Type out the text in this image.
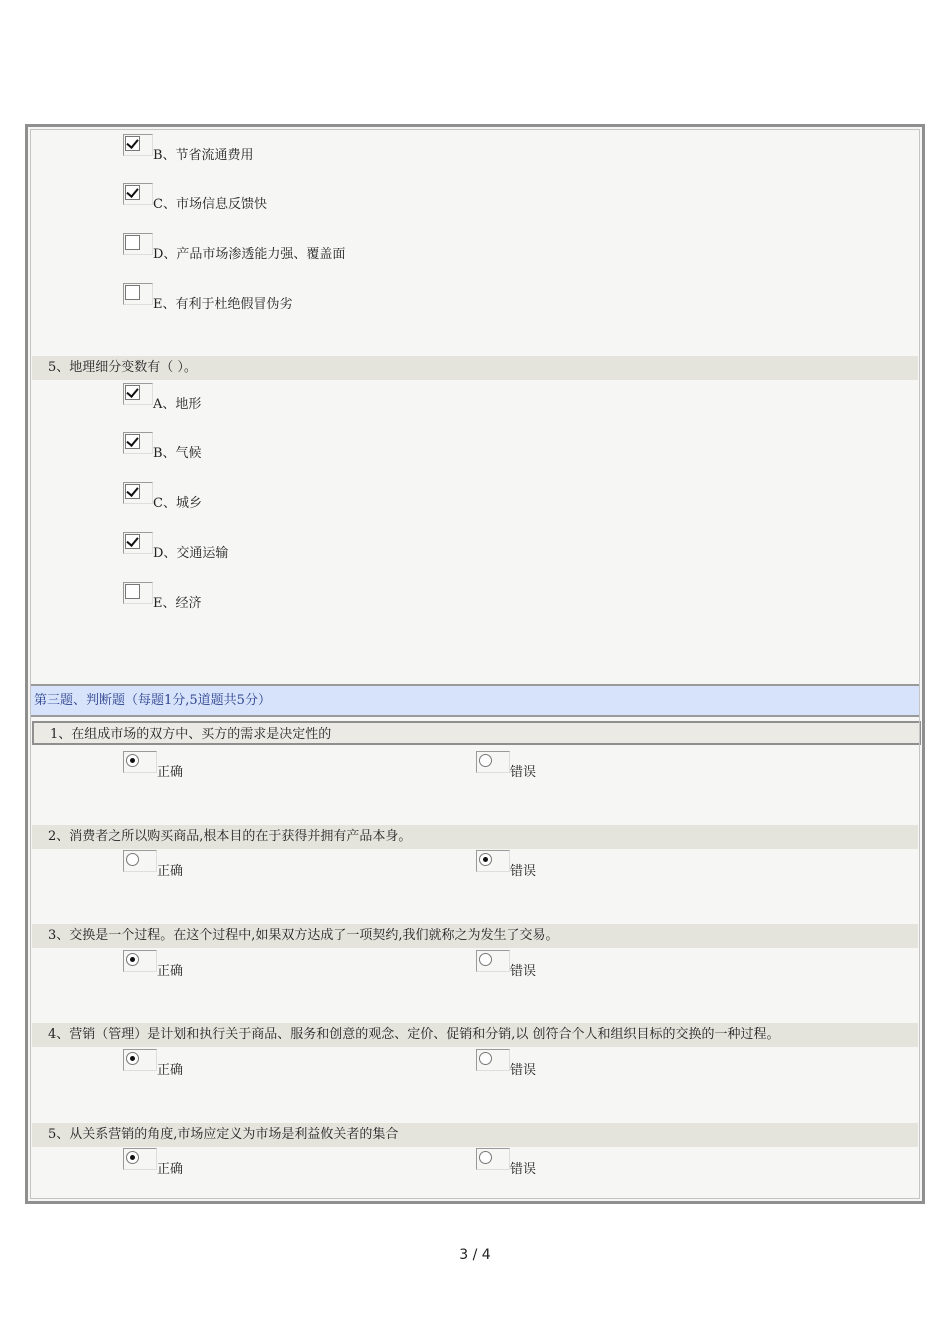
B、节省流通费用
C、市场信息反馈快
D、产品市场渗透能力强、覆盖面
E、有利于杜绝假冒伪劣
5、地理细分变数有（ ）。
A、地形
B、气候
C、城乡
D、交通运输
E、经济
第三题、判断题（每题1分,5道题共5分）
1、在组成市场的双方中、买方的需求是决定性的
正确	错误
2、消费者之所以购买商品,根本目的在于获得并拥有产品本身。
正确	错误
3、交换是一个过程。在这个过程中,如果双方达成了一项契约,我们就称之为发生了交易。
正确	错误
4、营销（管理）是计划和执行关于商品、服务和创意的观念、定价、促销和分销,以 创符合个人和组织目标的交换的一种过程。
正确	错误
5、从关系营销的角度,市场应定义为市场是利益攸关者的集合
正确	错误
3 / 4
